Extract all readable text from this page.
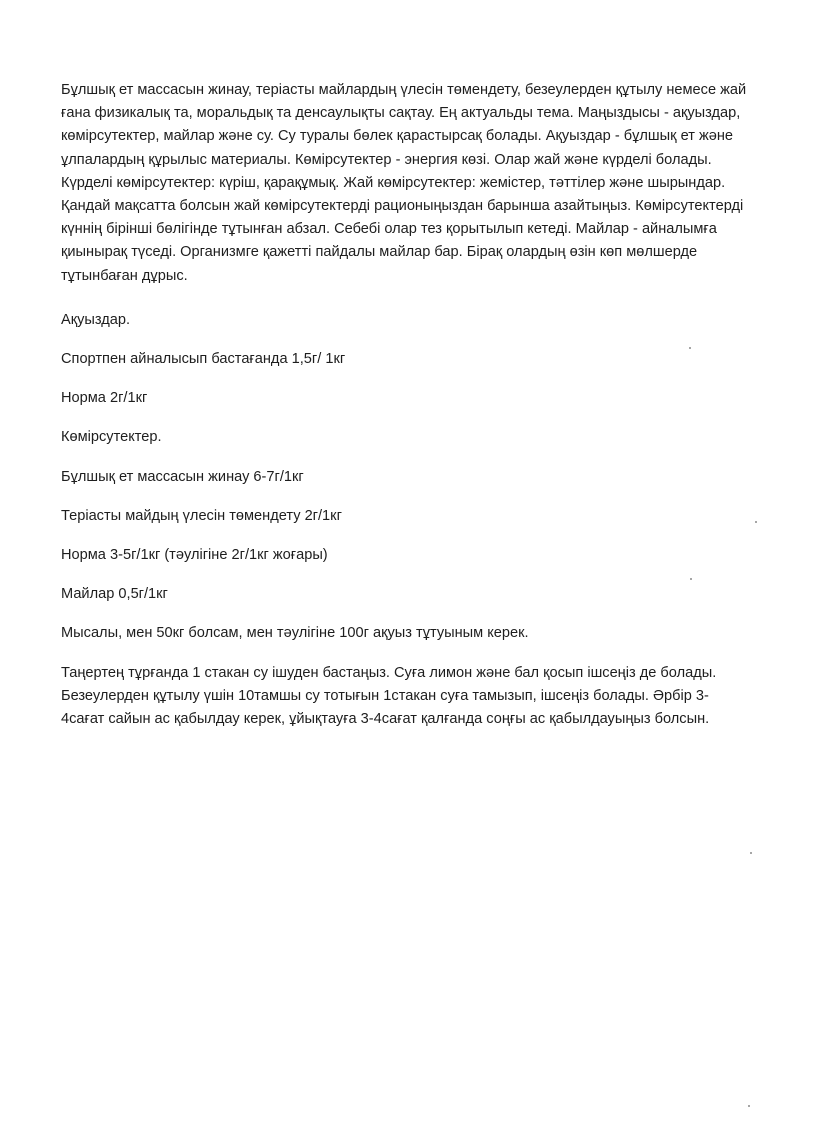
Бұлшық ет массасын жинау, теріасты майлардың үлесін төмендету, безеулерден құтылу немесе жай ғана физикалық та, моральдық та денсаулықты сақтау. Ең актуальды тема. Маңыздысы - ақуыздар, көмірсутектер, майлар және су. Су туралы бөлек қарастырсақ болады. Ақуыздар - бұлшық ет және ұлпалардың құрылыс материалы. Көмірсутектер - энергия көзі. Олар жай және күрделі болады. Күрделі көмірсутектер: күріш, қарақұмық. Жай көмірсутектер: жемістер, тәттілер және шырындар. Қандай мақсатта болсын жай көмірсутектерді рационыңыздан барынша азайтыңыз. Көмірсутектерді күннің бірінші бөлігінде тұтынған абзал. Себебі олар тез қорытылып кетеді. Майлар - айналымға қиынырақ түседі. Организмге қажетті пайдалы майлар бар. Бірақ олардың өзін көп мөлшерде тұтынбаған дұрыс.

Ақуыздар.

Спортпен айналысып бастағанда 1,5г/ 1кг

Норма 2г/1кг

Көмірсутектер.

Бұлшық ет массасын жинау 6-7г/1кг

Теріасты майдың үлесін төмендету 2г/1кг

Норма 3-5г/1кг (тәулігіне 2г/1кг жоғары)

Майлар 0,5г/1кг

Мысалы, мен 50кг болсам, мен тәулігіне 100г ақуыз тұтуыным керек.

Таңертең тұрғанда 1 стакан су ішуден бастаңыз. Суға лимон және бал қосып ішсеңіз де болады. Безеулерден құтылу үшін 10тамшы су тотығын 1стакан суға тамызып, ішсеңіз болады. Әрбір 3-4сағат сайын ас қабылдау керек, ұйықтауға 3-4сағат қалғанда соңғы ас қабылдауыңыз болсын.
